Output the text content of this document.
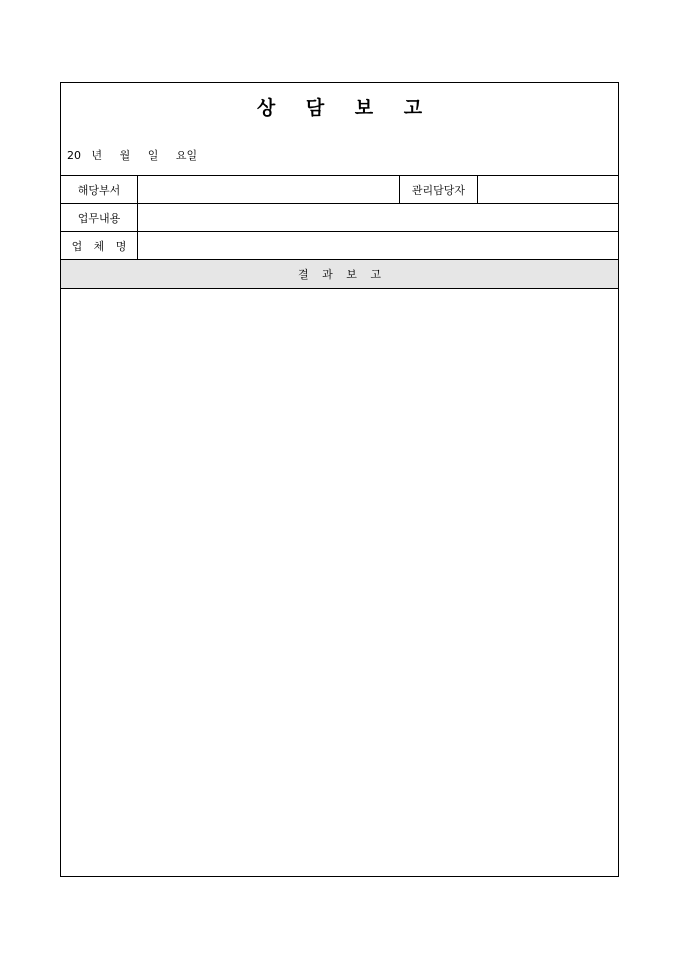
상 담 보 고
20 년 월 일 요일
해당부서	관리담당자
업무내용
업 체 명
결 과 보 고
